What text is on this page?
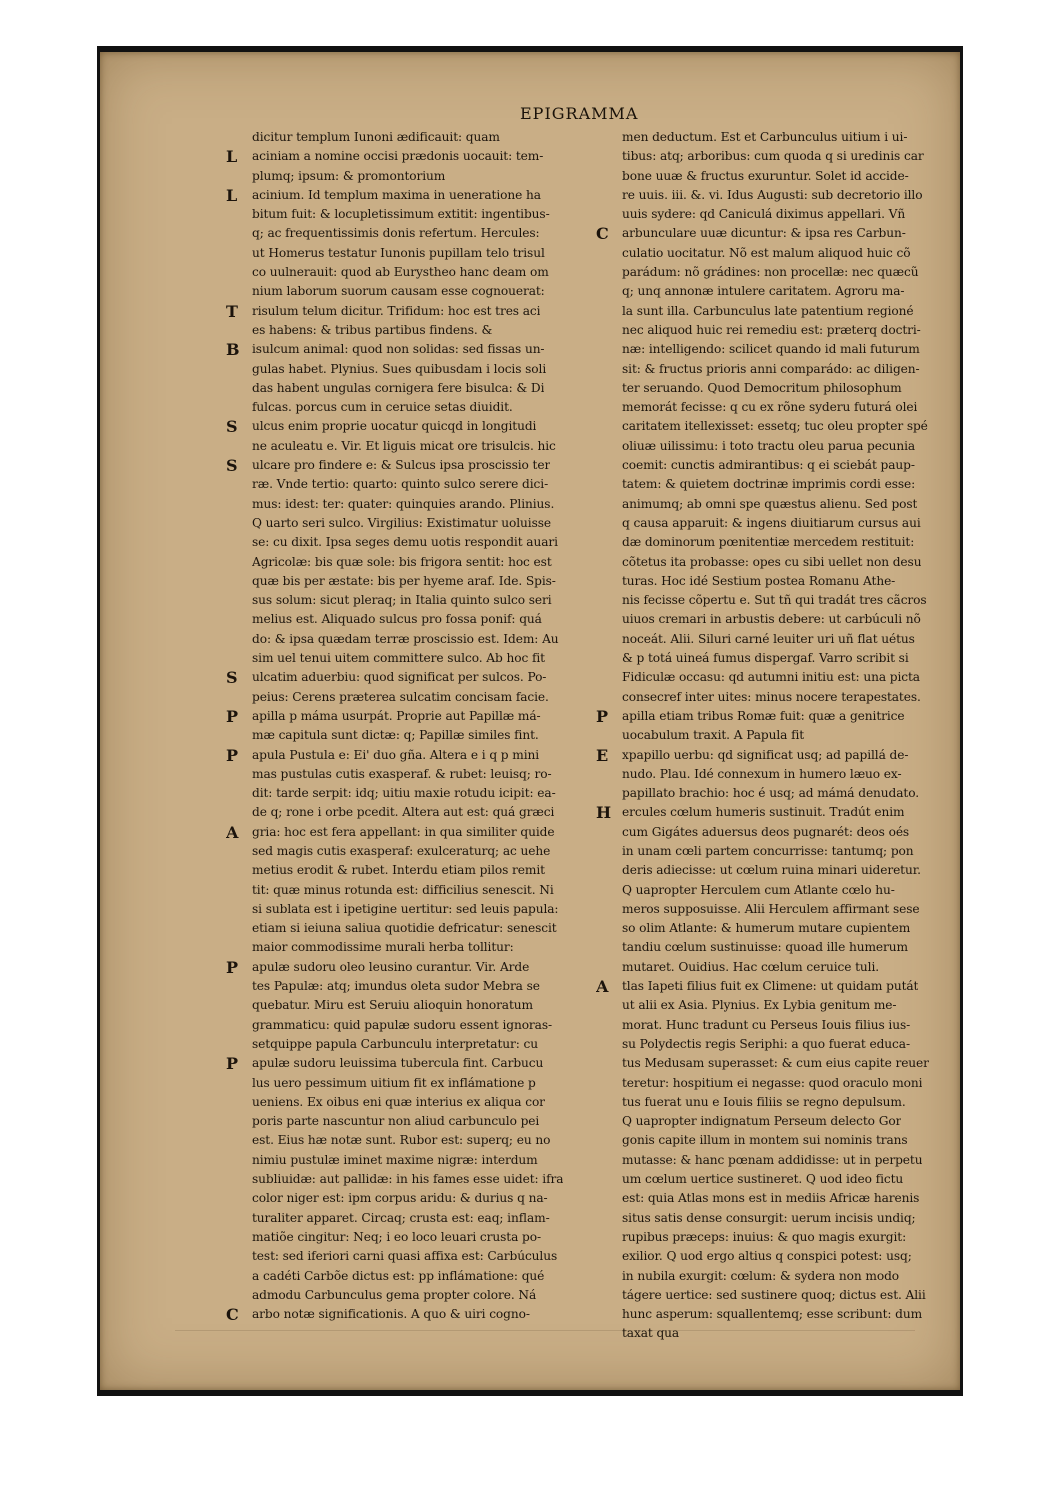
EPIGRAMMA
dicitur templum Iunoni ædificauit: quam
L	aciniam a nomine occisi prædonis uocauit: tem-
plumq; ipsum: & promontorium
L	acinium. Id templum maxima in ueneratione ha
bitum fuit: & locupletissimum extitit: ingentibus-
q; ac frequentissimis donis refertum. Hercules:
ut Homerus testatur Iunonis pupillam telo trisul
co uulnerauit: quod ab Eurystheo hanc deam om
nium laborum suorum causam esse cognouerat:
T	risulum telum dicitur. Trifidum: hoc est tres aci
es habens: & tribus partibus findens. &
B	isulcum animal: quod non solidas: sed fissas un-
gulas habet. Plynius. Sues quibusdam i locis soli
das habent ungulas cornigera fere bisulca: & Di
fulcas. porcus cum in ceruice setas diuidit.
S	ulcus enim proprie uocatur quicqd in longitudi
ne aculeatu e. Vir. Et liguis micat ore trisulcis. hic
S	ulcare pro findere e: & Sulcus ipsa proscissio ter
ræ. Vnde tertio: quarto: quinto sulco serere dici-
mus: idest: ter: quater: quinquies arando. Plinius.
Q uarto seri sulco. Virgilius: Existimatur uoluisse
se: cu dixit. Ipsa seges demu uotis respondit auari
Agricolæ: bis quæ sole: bis frigora sentit: hoc est
quæ bis per æstate: bis per hyeme araf. Ide. Spis-
sus solum: sicut pleraq; in Italia quinto sulco seri
melius est. Aliquado sulcus pro fossa ponif: quá
do: & ipsa quædam terræ proscissio est. Idem: Au
sim uel tenui uitem committere sulco. Ab hoc fit
S	ulcatim aduerbiu: quod significat per sulcos. Po-
peius: Cerens præterea sulcatim concisam facie.
P	apilla p máma usurpát. Proprie aut Papillæ má-
mæ capitula sunt dictæ: q; Papillæ similes fint.
P	apula Pustula e: Ei' duo gña. Altera e i q p mini
mas pustulas cutis exasperaf. & rubet: leuisq; ro-
dit: tarde serpit: idq; uitiu maxie rotudu icipit: ea-
de q; rone i orbe pcedit. Altera aut est: quá græci
A	gria: hoc est fera appellant: in qua similiter quide
sed magis cutis exasperaf: exulceraturq; ac uehe
metius erodit & rubet. Interdu etiam pilos remit
tit: quæ minus rotunda est: difficilius senescit. Ni
si sublata est i ipetigine uertitur: sed leuis papula:
etiam si ieiuna saliua quotidie defricatur: senescit
maior commodissime murali herba tollitur:
P	apulæ sudoru oleo leusino curantur. Vir. Arde
tes Papulæ: atq; imundus oleta sudor Mebra se
quebatur. Miru est Seruiu alioquin honoratum
grammaticu: quid papulæ sudoru essent ignoras-
setquippe papula Carbunculu interpretatur: cu
P	apulæ sudoru leuissima tubercula fint. Carbucu
lus uero pessimum uitium fit ex inflámatione p
ueniens. Ex oibus eni quæ interius ex aliqua cor
poris parte nascuntur non aliud carbunculo pei
est. Eius hæ notæ sunt. Rubor est: superq; eu no
nimiu pustulæ iminet maxime nigræ: interdum
subliuidæ: aut pallidæ: in his fames esse uidet: ifra
color niger est: ipm corpus aridu: & durius q na-
turaliter apparet. Circaq; crusta est: eaq; inflam-
matiõe cingitur: Neq; i eo loco leuari crusta po-
test: sed iferiori carni quasi affixa est: Carbúculus
a cadéti Carbõe dictus est: pp inflámatione: qué
admodu Carbunculus gema propter colore. Ná
C	arbo notæ significationis. A quo & uiri cogno-
men deductum. Est et Carbunculus uitium i ui-
tibus: atq; arboribus: cum quoda q si uredinis car
bone uuæ & fructus exuruntur. Solet id accide-
re uuis. iii. &. vi. Idus Augusti: sub decretorio illo
uuis sydere: qd Caniculá diximus appellari. Vñ
C	arbunculare uuæ dicuntur: & ipsa res Carbun-
culatio uocitatur. Nõ est malum aliquod huic cõ
parádum: nõ grádines: non procellæ: nec quæcũ
q; unq annonæ intulere caritatem. Agroru ma-
la sunt illa. Carbunculus late patentium regioné
nec aliquod huic rei remediu est: præterq doctri-
næ: intelligendo: scilicet quando id mali futurum
sit: & fructus prioris anni comparádo: ac diligen-
ter seruando. Quod Democritum philosophum
memorát fecisse: q cu ex rõne syderu futurá olei
caritatem itellexisset: essetq; tuc oleu propter spé
oliuæ uilissimu: i toto tractu oleu parua pecunia
coemit: cunctis admirantibus: q ei sciebát paup-
tatem: & quietem doctrinæ imprimis cordi esse:
animumq; ab omni spe quæstus alienu. Sed post
q causa apparuit: & ingens diuitiarum cursus aui
dæ dominorum pœnitentiæ mercedem restituit:
cõtetus ita probasse: opes cu sibi uellet non desu
turas. Hoc idé Sestium postea Romanu Athe-
nis fecisse cõpertu e. Sut tñ qui tradát tres cãcros
uiuos cremari in arbustis debere: ut carbúculi nõ
noceát. Alii. Siluri carné leuiter uri uñ flat uétus
& p totá uineá fumus dispergaf. Varro scribit si
Fidiculæ occasu: qd autumni initiu est: una picta
consecref inter uites: minus nocere terapestates.
P	apilla etiam tribus Romæ fuit: quæ a genitrice
uocabulum traxit. A Papula fit
E	xpapillo uerbu: qd significat usq; ad papillá de-
nudo. Plau. Idé connexum in humero læuo ex-
papillato brachio: hoc é usq; ad mámá denudato.
H ercules cœlum humeris sustinuit. Tradút enim
cum Gigátes aduersus deos pugnarét: deos oés
in unam cœli partem concurrisse: tantumq; pon
deris adiecisse: ut cœlum ruina minari uideretur.
Q uapropter Herculem cum Atlante cœlo hu-
meros supposuisse. Alii Herculem affirmant sese
so olim Atlante: & humerum mutare cupientem
tandiu cœlum sustinuisse: quoad ille humerum
mutaret. Ouidius. Hac cœlum ceruice tuli.
A	tlas Iapeti filius fuit ex Climene: ut quidam putát
ut alii ex Asia. Plynius. Ex Lybia genitum me-
morat. Hunc tradunt cu Perseus Iouis filius ius-
su Polydectis regis Seriphi: a quo fuerat educa-
tus Medusam superasset: & cum eius capite reuer
teretur: hospitium ei negasse: quod oraculo moni
tus fuerat unu e Iouis filiis se regno depulsum.
Q uapropter indignatum Perseum delecto Gor
gonis capite illum in montem sui nominis trans
mutasse: & hanc pœnam addidisse: ut in perpetu
um cœlum uertice sustineret. Q uod ideo fictu
est: quia Atlas mons est in mediis Africæ harenis
situs satis dense consurgit: uerum incisis undiq;
rupibus præceps: inuius: & quo magis exurgit:
exilior. Q uod ergo altius q conspici potest: usq;
in nubila exurgit: cœlum: & sydera non modo
tágere uertice: sed sustinere quoq; dictus est. Alii
hunc asperum: squallentemq; esse scribunt: dum
taxat qua
